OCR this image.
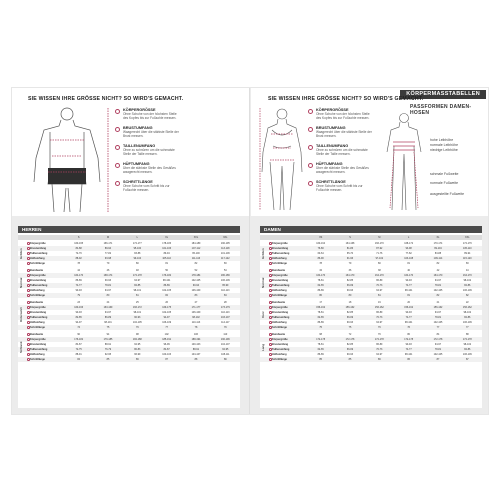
KÖRPERMASSTABELLEN
SIE WISSEN IHRE GRÖSSE NICHT? SO WIRD'S GEMACHT.
KÖRPERGRÖSSE
Ohne Schuhe von der höchsten Stelle des Kopfes bis zur Fußsohle messen.
BRUSTUMFANG
Waagerecht über die stärkste Stelle der Brust messen.
TAILLENUMFANG
Ohne zu schnüren um die schmalste Stelle der Taille messen.
HÜFTUMFANG
Über die stärkste Stelle des Gesäßes waagerecht messen.
SCHRITTLÄNGE
Ohne Schuhe vom Schritt bis zur Fußsohle messen.
SIE WISSEN IHRE GRÖSSE NICHT? SO WIRD'S GEMACHT.
PASSFORMEN DAMEN-HOSEN
KÖRPERGRÖSSE
Ohne Schuhe von der höchsten Stelle des Kopfes bis zur Fußsohle messen.
BRUSTUMFANG
Waagerecht über die stärkste Stelle der Brust messen.
TAILLENUMFANG
Ohne zu schnüren um die schmalste Stelle der Taille messen.
HÜFTUMFANG
Über die stärkste Stelle des Gesäßes waagerecht messen.
SCHRITTLÄNGE
Ohne Schuhe vom Schritt bis zur Fußsohle messen.
hohe Leibhöhe
normale Leibhöhe
niedrige Leibhöhe
schmale Fußweite
normale Fußweite
ausgestellte Fußweite
HERREN
S	M	L	XL	XXL	3XL
Körpergröße	160-165	166-171	172-177	178-183	184-189	190-195
Brustumfang	84-88	89-94	95-100	101-106	107-112	113-118
Taillenumfang	72-76	77-82	83-88	89-94	95-100	101-106
Hüftumfang	88-92	93-98	99-104	105-110	111-116	117-122
Schrittlänge	78	79	80	81	82	83
Größen
Bundweite	44	46	48	50	52	54
Körpergröße	164-170	168-174	172-178	176-182	178-184	180-186
Brustumfang	86-89	90-93	94-97	98-101	102-105	106-109
Taillenumfang	74-77	78-81	82-85	86-89	90-94	95-99
Hüftumfang	90-93	94-97	98-101	102-105	106-109	110-113
Schrittlänge	79	80	81	82	83	84
Normal
Bundweite	23	24	25	26	27	28
Körpergröße	160-166	163-169	166-172	169-175	171-177	173-179
Brustumfang	90-93	94-97	98-101	102-105	106-109	110-113
Taillenumfang	82-85	86-89	90-93	94-97	98-102	103-107
Hüftumfang	94-97	98-101	102-105	106-109	110-113	114-117
Schrittlänge	74	75	76	77	78	79
Untersetzt
Bundweite	90	94	98	102	106	110
Körpergröße	176-182	179-185	182-188	185-191	188-194	190-196
Brustumfang	84-87	88-91	92-95	96-99	100-103	104-107
Taillenumfang	72-75	76-79	80-83	84-87	88-91	92-95
Hüftumfang	88-91	92-95	96-99	100-103	104-107	108-111
Schrittlänge	84	85	86	87	88	89
Schlank
DAMEN
XS	S	M	L	XL	XXL
Körpergröße	160-164	164-168	166-170	168-172	170-174	172-176
Brustumfang	76-80	81-86	87-92	93-98	99-104	105-110
Taillenumfang	60-64	65-70	71-76	77-82	83-88	89-94
Hüftumfang	86-90	91-96	97-102	103-108	109-114	115-120
Schrittlänge	78	79	80	81	82	83
Größen
Bundweite	34	36	38	40	42	44
Körpergröße	164-170	164-170	164-170	164-170	164-170	164-170
Brustumfang	78-81	82-85	86-89	90-93	94-97	98-102
Taillenumfang	62-65	66-69	70-73	74-77	78-81	82-86
Hüftumfang	86-89	90-93	94-97	98-101	102-105	106-109
Schrittlänge	80	80	81	81	82	82
Normal
Bundweite	17	18	19	20	21	22
Körpergröße	156-162	156-162	156-162	156-162	156-162	156-162
Brustumfang	78-81	82-85	86-89	90-93	94-97	98-102
Taillenumfang	62-65	66-69	70-73	74-77	78-81	82-86
Hüftumfang	86-89	90-93	94-97	98-101	102-105	106-109
Schrittlänge	75	75	76	76	77	77
Kurz
Bundweite	68	72	76	80	84	88
Körpergröße	172-178	172-178	172-178	172-178	172-178	172-178
Brustumfang	78-81	82-85	86-89	90-93	94-97	98-102
Taillenumfang	62-65	66-69	70-73	74-77	78-81	82-86
Hüftumfang	86-89	90-93	94-97	98-101	102-105	106-109
Schrittlänge	85	85	86	86	87	87
Lang
